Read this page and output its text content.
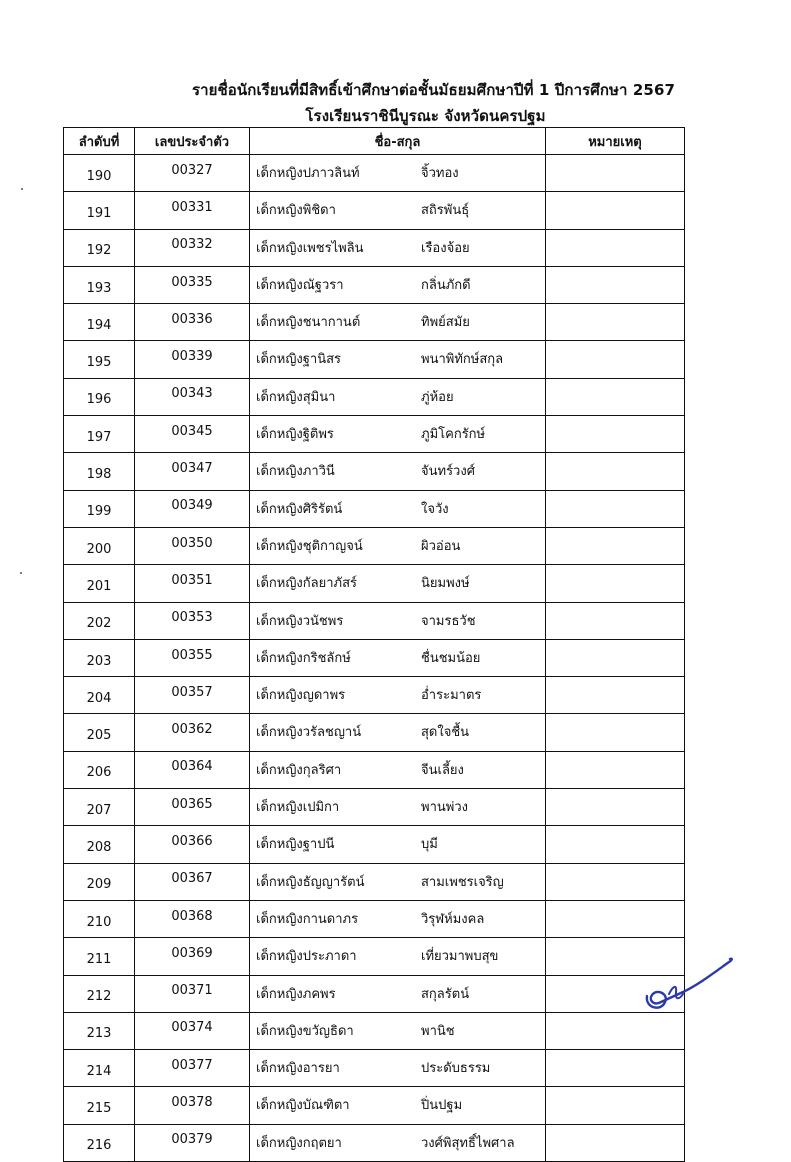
รายชื่อนักเรียนที่มีสิทธิ์เข้าศึกษาต่อชั้นมัธยมศึกษาปีที่ 1 ปีการศึกษา 2567
โรงเรียนราชินีบูรณะ จังหวัดนครปฐม
ลำดับที่	เลขประจำตัว	ชื่อ-สกุล	หมายเหตุ
190	00327	เด็กหญิงปภาวลินท์ จิ้วทอง	

191	00331	เด็กหญิงพิชิดา สถิรพันธุ์	

192	00332	เด็กหญิงเพชรไพลิน เรืองจ้อย	

193	00335	เด็กหญิงณัฐวรา กลิ่นภักดี	

194	00336	เด็กหญิงชนากานต์ ทิพย์สมัย	

195	00339	เด็กหญิงฐานิสร พนาพิทักษ์สกุล	

196	00343	เด็กหญิงสุมินา ภู่ห้อย	

197	00345	เด็กหญิงฐิติพร ภูมิโคกรักษ์	

198	00347	เด็กหญิงภาวินี จันทร์วงศ์	

199	00349	เด็กหญิงศิริรัตน์ ใจวัง	

200	00350	เด็กหญิงชุติกาญจน์ ผิวอ่อน	

201	00351	เด็กหญิงกัลยาภัสร์ นิยมพงษ์	

202	00353	เด็กหญิงวนัชพร จามรธวัช	

203	00355	เด็กหญิงกริชลักษ์ ชื่นชมน้อย	

204	00357	เด็กหญิงญดาพร อ่ำระมาตร	

205	00362	เด็กหญิงวรัลชญาน์ สุดใจชื้น	

206	00364	เด็กหญิงกุลริศา จีนเลี้ยง	

207	00365	เด็กหญิงเปมิกา พานพ่วง	

208	00366	เด็กหญิงฐาปนี บุมี	

209	00367	เด็กหญิงธัญญารัตน์ สามเพชรเจริญ	

210	00368	เด็กหญิงกานดาภร วิรุฬห์มงคล	

211	00369	เด็กหญิงประภาดา เที่ยวมาพบสุข	

212	00371	เด็กหญิงภคพร สกุลรัตน์	

213	00374	เด็กหญิงขวัญธิดา พานิช	

214	00377	เด็กหญิงอารยา ประดับธรรม	

215	00378	เด็กหญิงบัณฑิตา ปิ่นปฐม	

216	00379	เด็กหญิงกฤตยา วงศ์พิสุทธิ์ไพศาล	
